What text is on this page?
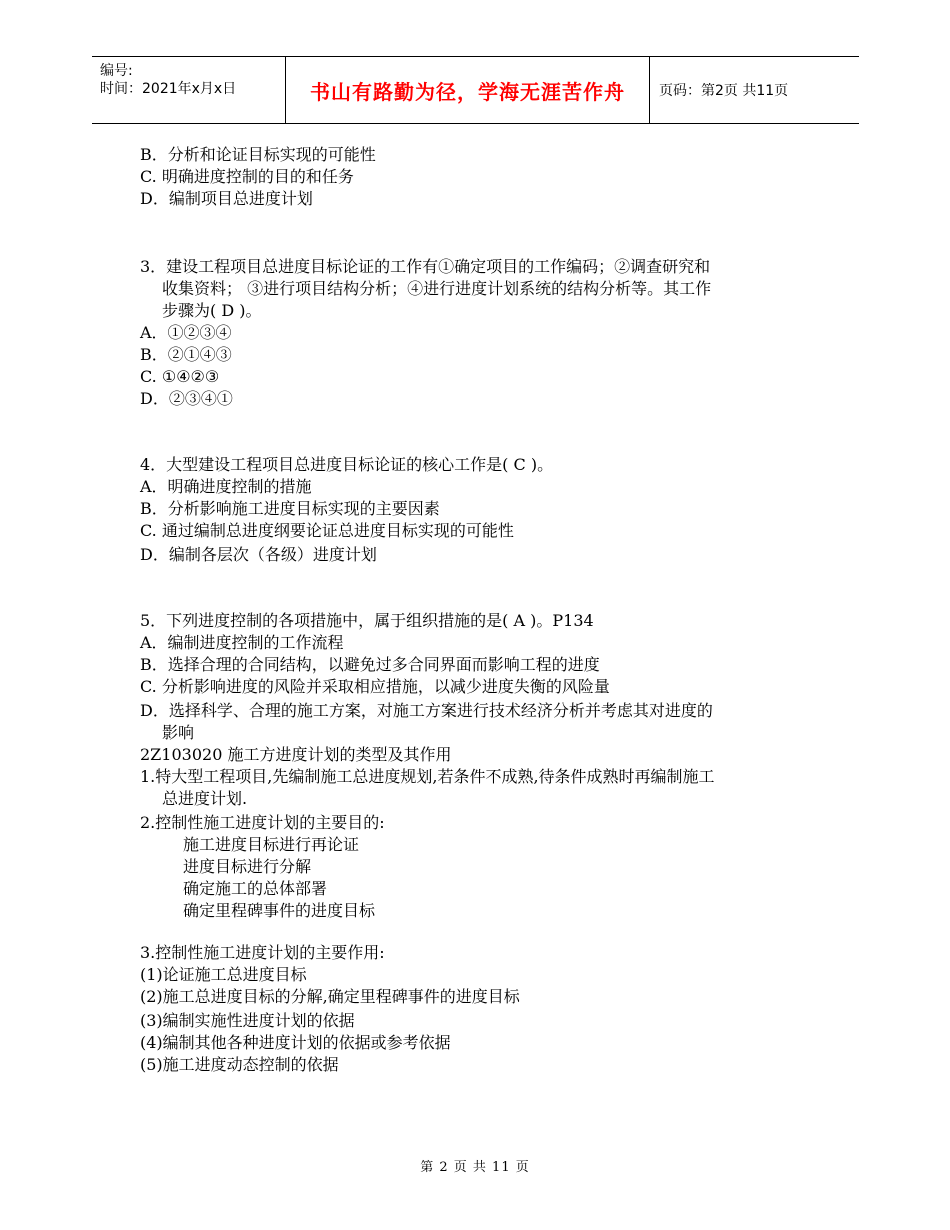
编号:
时间：2021年x月x日	书山有路勤为径，学海无涯苦作舟	页码：第2页 共11页
B．分析和论证目标实现的可能性
C. 明确进度控制的目的和任务
D．编制项目总进度计划
3．建设工程项目总进度目标论证的工作有①确定项目的工作编码；②调查研究和
收集资料； ③进行项目结构分析；④进行进度计划系统的结构分析等。其工作
步骤为( D )。
A．①②③④
B．②①④③
C. ①④②③
D．②③④①
4．大型建设工程项目总进度目标论证的核心工作是( C )。
A．明确进度控制的措施
B．分析影响施工进度目标实现的主要因素
C. 通过编制总进度纲要论证总进度目标实现的可能性
D．编制各层次（各级）进度计划
5．下列进度控制的各项措施中，属于组织措施的是( A )。P134
A．编制进度控制的工作流程
B．选择合理的合同结构，以避免过多合同界面而影响工程的进度
C. 分析影响进度的风险并采取相应措施，以减少进度失衡的风险量
D．选择科学、合理的施工方案，对施工方案进行技术经济分析并考虑其对进度的
影响
2Z103020 施工方进度计划的类型及其作用
1.特大型工程项目,先编制施工总进度规划,若条件不成熟,待条件成熟时再编制施工
总进度计划.
2.控制性施工进度计划的主要目的:
施工进度目标进行再论证
进度目标进行分解
确定施工的总体部署
确定里程碑事件的进度目标
3.控制性施工进度计划的主要作用:
(1)论证施工总进度目标
(2)施工总进度目标的分解,确定里程碑事件的进度目标
(3)编制实施性进度计划的依据
(4)编制其他各种进度计划的依据或参考依据
(5)施工进度动态控制的依据
第 2 页 共 11 页
